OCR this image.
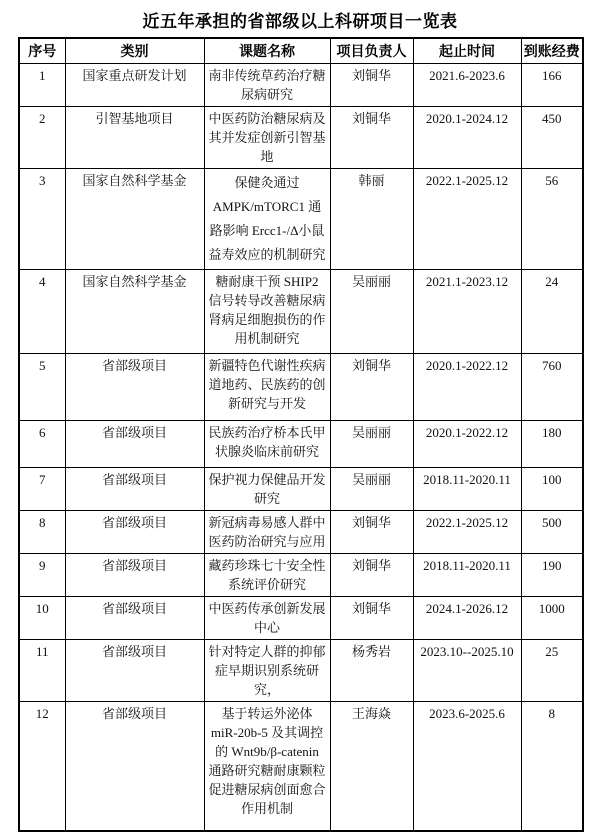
近五年承担的省部级以上科研项目一览表
序号	类别	课题名称	项目负责人	起止时间	到账经费
1	国家重点研发计划	南非传统草药治疗糖尿病研究	刘铜华	2021.6-2023.6	166
2	引智基地项目	中医药防治糖尿病及其并发症创新引智基地	刘铜华	2020.1-2024.12	450
3	国家自然科学基金	保健灸通过 AMPK/mTORC1 通路影响 Ercc1-/Δ小鼠益寿效应的机制研究	韩丽	2022.1-2025.12	56
4	国家自然科学基金	糖耐康干预 SHIP2 信号转导改善糖尿病肾病足细胞损伤的作用机制研究	吴丽丽	2021.1-2023.12	24
5	省部级项目	新疆特色代谢性疾病道地药、民族药的创新研究与开发	刘铜华	2020.1-2022.12	760
6	省部级项目	民族药治疗桥本氏甲状腺炎临床前研究	吴丽丽	2020.1-2022.12	180
7	省部级项目	保护视力保健品开发研究	吴丽丽	2018.11-2020.11	100
8	省部级项目	新冠病毒易感人群中医药防治研究与应用	刘铜华	2022.1-2025.12	500
9	省部级项目	藏药珍珠七十安全性系统评价研究	刘铜华	2018.11-2020.11	190
10	省部级项目	中医药传承创新发展中心	刘铜华	2024.1-2026.12	1000
11	省部级项目	针对特定人群的抑郁症早期识别系统研究，	杨秀岩	2023.10--2025.10	25
12	省部级项目	基于转运外泌体 miR-20b-5 及其调控的 Wnt9b/β-catenin 通路研究糖耐康颗粒促进糖尿病创面愈合作用机制	王海焱	2023.6-2025.6	8
